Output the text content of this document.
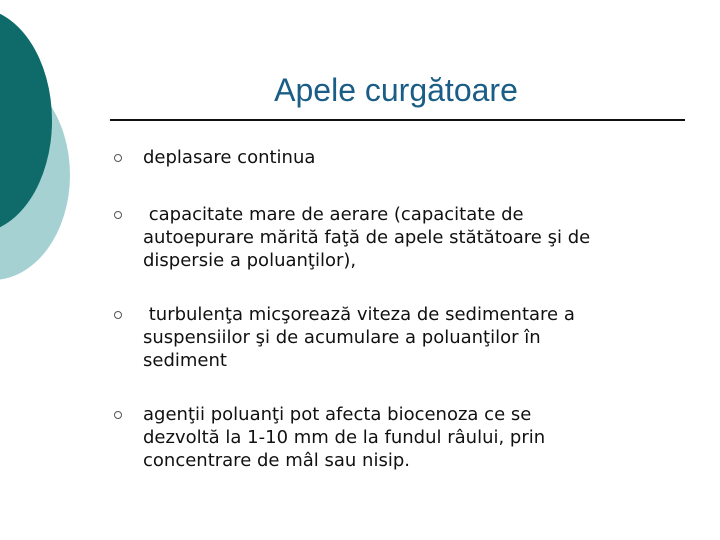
Apele curgătoare
deplasare continua
capacitate mare de aerare (capacitate de
autoepurare mărită faţă de apele stătătoare şi de
dispersie a poluanţilor),
turbulenţa micşorează viteza de sedimentare a
suspensiilor şi de acumulare a poluanţilor în
sediment
agenţii poluanţi pot afecta biocenoza ce se
dezvoltă la 1-10 mm de la fundul râului, prin
concentrare de mâl sau nisip.
